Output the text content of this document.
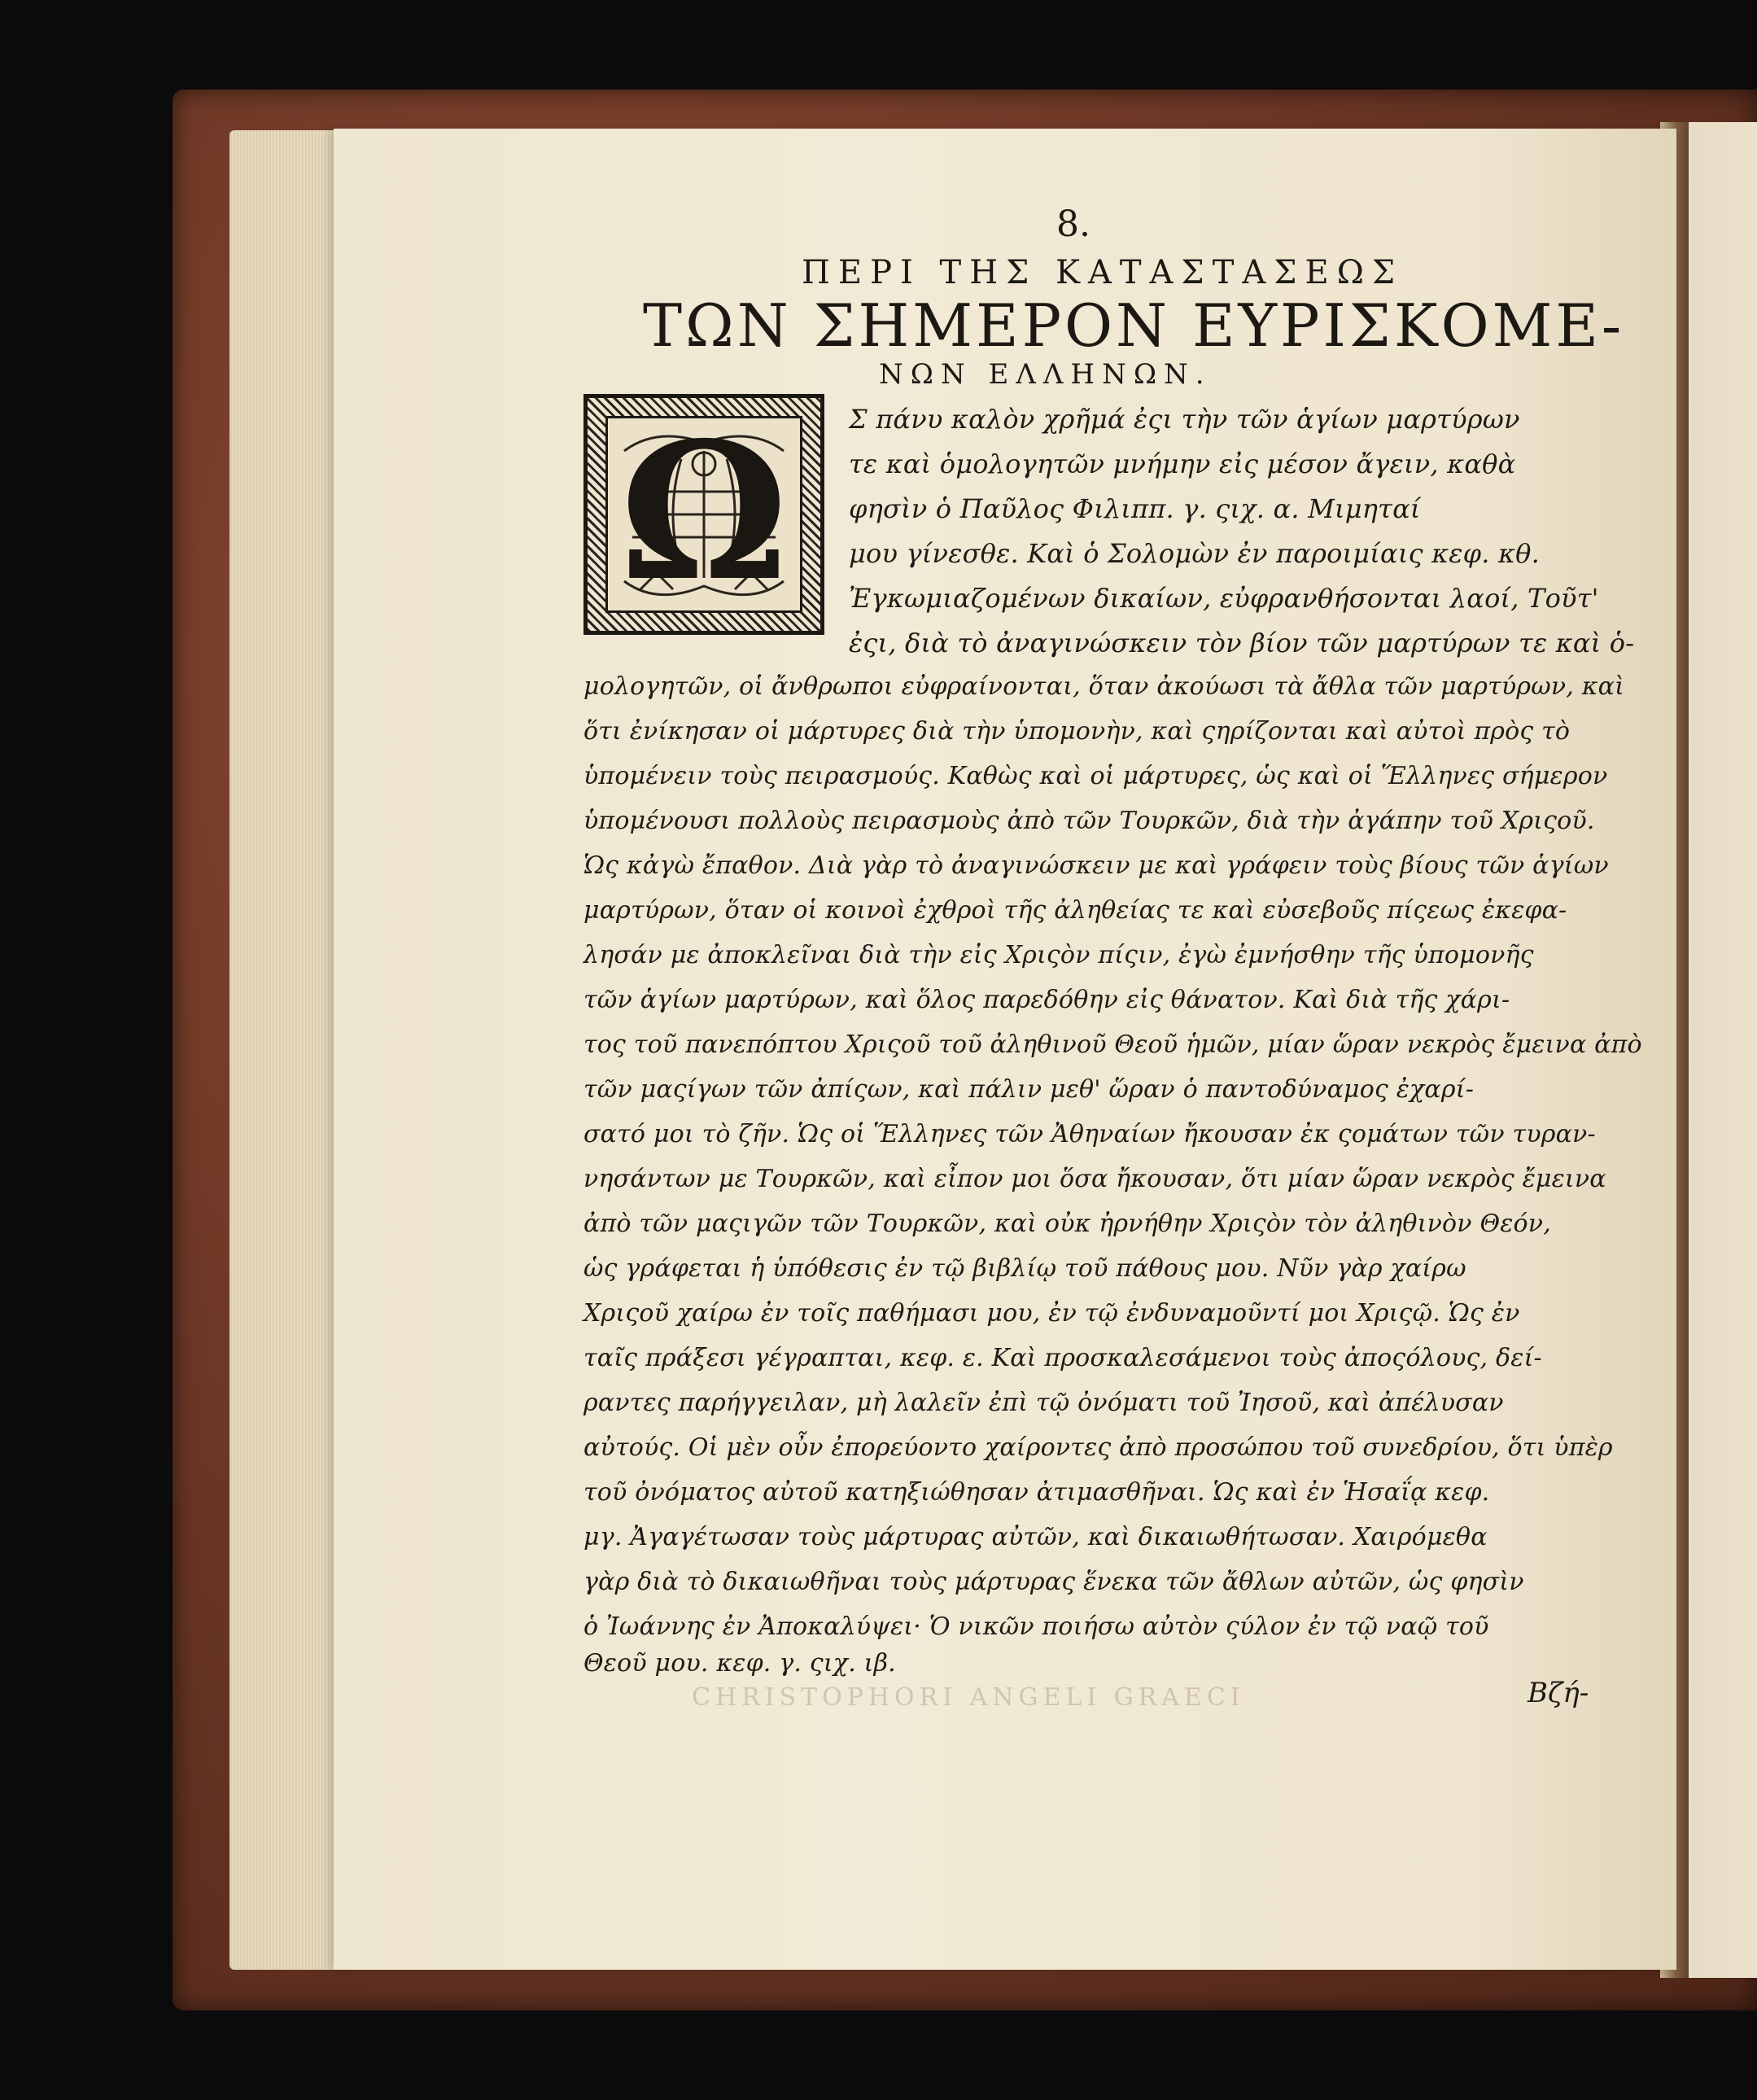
8.
ΠΕΡΙ ΤΗΣ ΚΑΤΑΣΤΑΣΕΩΣ
ΤΩΝ ΣΗΜΕΡΟΝ ΕΥΡΙΣΚΟΜΕ-
ΝΩΝ ΕΛΛΗΝΩΝ.
Ω	Σ πάνυ καλὸν χρῆμά ἐςι τὴν τῶν ἁγίων μαρτύρων
τε καὶ ὁμολογητῶν μνήμην εἰς μέσον ἄγειν, καθὰ
φησὶν ὁ Παῦλος Φιλιππ. γ. ςιχ. α. Μιμηταί
μου γίνεσθε. Καὶ ὁ Σολομὼν ἐν παροιμίαις κεφ. κθ.
Ἐγκωμιαζομένων δικαίων, εὐφρανθήσονται λαοί, Τοῦτ'
ἐςι, διὰ τὸ ἀναγινώσκειν τὸν βίον τῶν μαρτύρων τε καὶ ὁ-
μολογητῶν, οἱ ἄνθρωποι εὐφραίνονται, ὅταν ἀκούωσι τὰ ἄθλα τῶν μαρτύρων, καὶ
ὅτι ἐνίκησαν οἱ μάρτυρες διὰ τὴν ὑπομονὴν, καὶ ςηρίζονται καὶ αὐτοὶ πρὸς τὸ
ὑπομένειν τοὺς πειρασμούς. Καθὼς καὶ οἱ μάρτυρες, ὡς καὶ οἱ Ἕλληνες σήμερον
ὑπομένουσι πολλοὺς πειρασμοὺς ἀπὸ τῶν Τουρκῶν, διὰ τὴν ἀγάπην τοῦ Χριςοῦ.
Ὡς κἀγὼ ἔπαθον. Διὰ γὰρ τὸ ἀναγινώσκειν με καὶ γράφειν τοὺς βίους τῶν ἁγίων
μαρτύρων, ὅταν οἱ κοινοὶ ἐχθροὶ τῆς ἀληθείας τε καὶ εὐσεβοῦς πίςεως ἐκεφα-
λησάν με ἀποκλεῖναι διὰ τὴν εἰς Χριςὸν πίςιν, ἐγὼ ἐμνήσθην τῆς ὑπομονῆς
τῶν ἁγίων μαρτύρων, καὶ ὅλος παρεδόθην εἰς θάνατον. Καὶ διὰ τῆς χάρι-
τος τοῦ πανεπόπτου Χριςοῦ τοῦ ἀληθινοῦ Θεοῦ ἡμῶν, μίαν ὥραν νεκρὸς ἔμεινα ἀπὸ
τῶν μαςίγων τῶν ἀπίςων, καὶ πάλιν μεθ' ὥραν ὁ παντοδύναμος ἐχαρί-
σατό μοι τὸ ζῆν. Ὡς οἱ Ἕλληνες τῶν Ἀθηναίων ἤκουσαν ἐκ ςομάτων τῶν τυραν-
νησάντων με Τουρκῶν, καὶ εἶπον μοι ὅσα ἤκουσαν, ὅτι μίαν ὥραν νεκρὸς ἔμεινα
ἀπὸ τῶν μαςιγῶν τῶν Τουρκῶν, καὶ οὐκ ἠρνήθην Χριςὸν τὸν ἀληθινὸν Θεόν,
ὡς γράφεται ἡ ὑπόθεσις ἐν τῷ βιβλίῳ τοῦ πάθους μου. Νῦν γὰρ χαίρω
Χριςοῦ χαίρω ἐν τοῖς παθήμασι μου, ἐν τῷ ἐνδυναμοῦντί μοι Χριςῷ. Ὡς ἐν
ταῖς πράξεσι γέγραπται, κεφ. ε. Καὶ προσκαλεσάμενοι τοὺς ἀποςόλους, δεί-
ραντες παρήγγειλαν, μὴ λαλεῖν ἐπὶ τῷ ὀνόματι τοῦ Ἰησοῦ, καὶ ἀπέλυσαν
αὐτούς. Οἱ μὲν οὖν ἐπορεύοντο χαίροντες ἀπὸ προσώπου τοῦ συνεδρίου, ὅτι ὑπὲρ
τοῦ ὀνόματος αὐτοῦ κατηξιώθησαν ἀτιμασθῆναι. Ὡς καὶ ἐν Ἡσαΐᾳ κεφ.
μγ. Ἀγαγέτωσαν τοὺς μάρτυρας αὐτῶν, καὶ δικαιωθήτωσαν. Χαιρόμεθα
γὰρ διὰ τὸ δικαιωθῆναι τοὺς μάρτυρας ἕνεκα τῶν ἄθλων αὐτῶν, ὡς φησὶν
ὁ Ἰωάννης ἐν Ἀποκαλύψει· Ὁ νικῶν ποιήσω αὐτὸν ςύλον ἐν τῷ ναῷ τοῦ
Θεοῦ μου. κεφ. γ. ςιχ. ιβ.
CHRISTOPHORI ANGELI GRAECI	Βζή-
